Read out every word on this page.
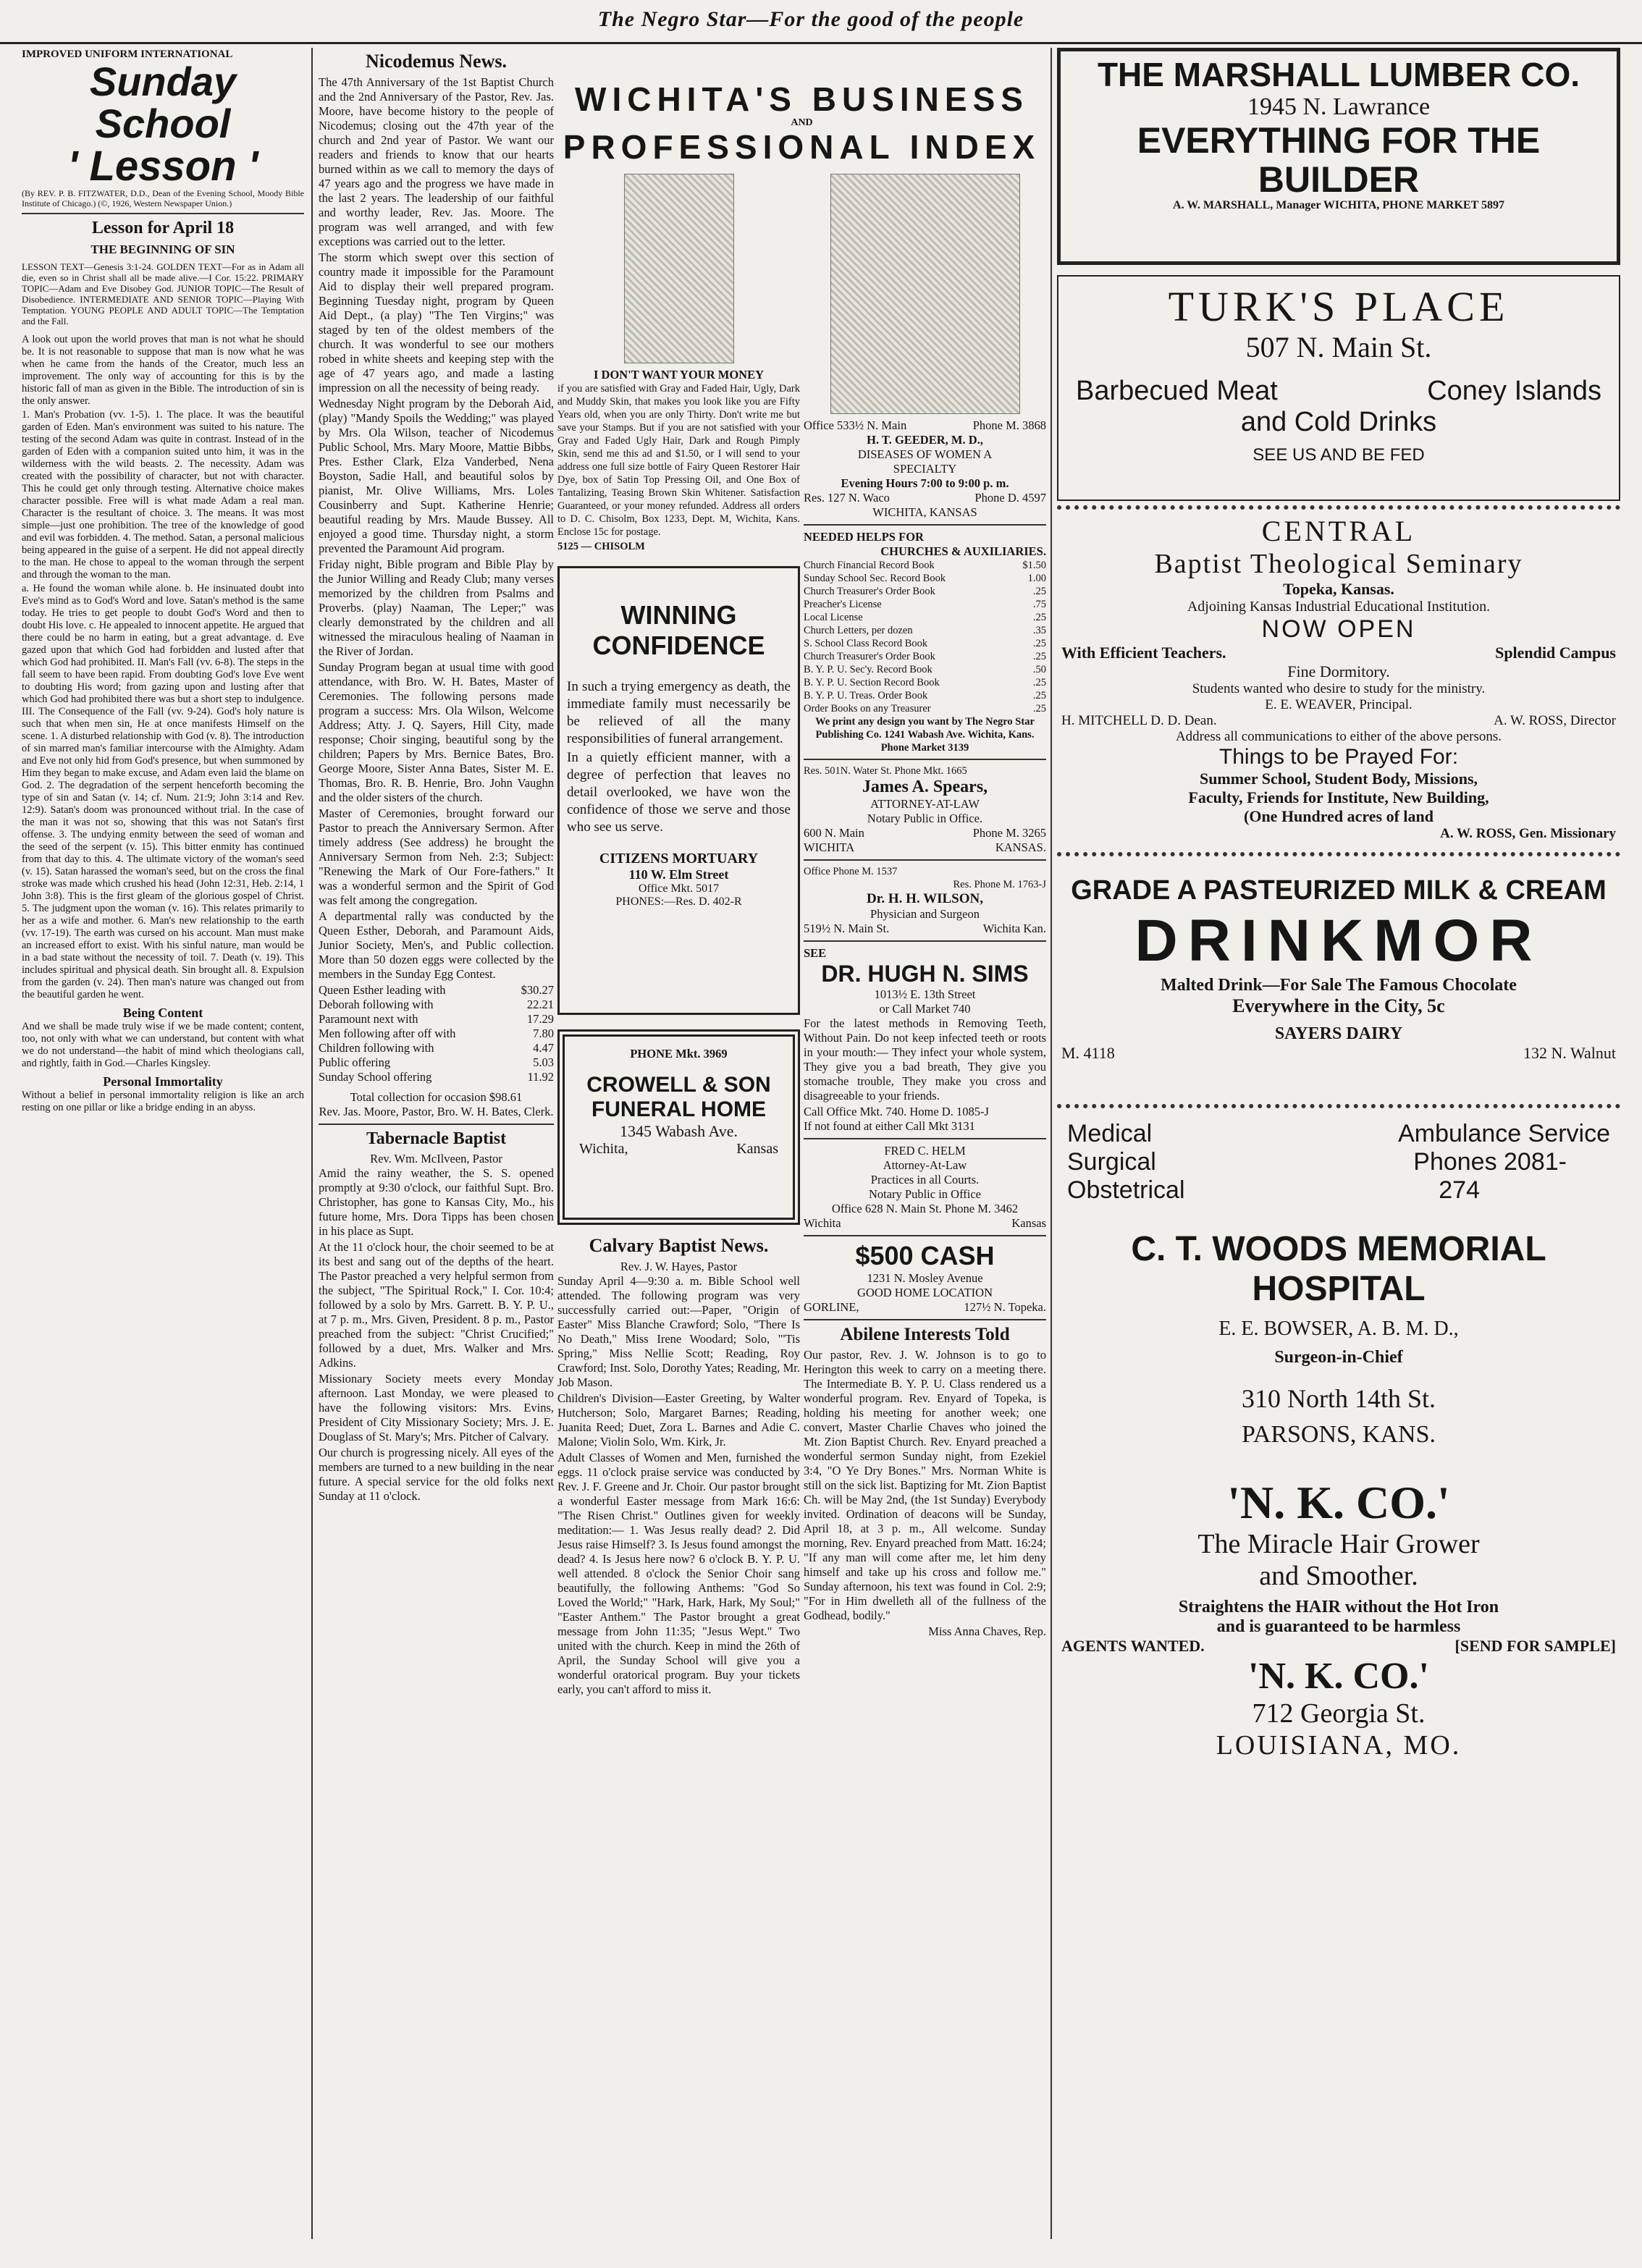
The Negro Star—For the good of the people
IMPROVED UNIFORM INTERNATIONAL
Sunday School
' Lesson '

(By REV. P. B. FITZWATER, D.D., Dean of the Evening School, Moody Bible Institute of Chicago.) (©, 1926, Western Newspaper Union.)

Lesson for April 18
THE BEGINNING OF SIN

LESSON TEXT—Genesis 3:1-24. GOLDEN TEXT—For as in Adam all die, even so in Christ shall all be made alive.—I Cor. 15:22. PRIMARY TOPIC—Adam and Eve Disobey God. JUNIOR TOPIC—The Result of Disobedience. INTERMEDIATE AND SENIOR TOPIC—Playing With Temptation. YOUNG PEOPLE AND ADULT TOPIC—The Temptation and the Fall.

A look out upon the world proves that man is not what he should be. It is not reasonable to suppose that man is now what he was when he came from the hands of the Creator, much less an improvement. The only way of accounting for this is by the historic fall of man as given in the Bible. The introduction of sin is the only answer.

1. Man's Probation (vv. 1-5). 1. The place. It was the beautiful garden of Eden. Man's environment was suited to his nature. The testing of the second Adam was quite in contrast. Instead of in the garden of Eden with a companion suited unto him, it was in the wilderness with the wild beasts. 2. The necessity. Adam was created with the possibility of character, but not with character. This he could get only through testing. Alternative choice makes character possible. Free will is what made Adam a real man. Character is the resultant of choice. 3. The means. It was most simple—just one prohibition. The tree of the knowledge of good and evil was forbidden. 4. The method. Satan, a personal malicious being appeared in the guise of a serpent. He did not appeal directly to the man. He chose to appeal to the woman through the serpent and through the woman to the man.

a. He found the woman while alone. b. He insinuated doubt into Eve's mind as to God's Word and love. Satan's method is the same today. He tries to get people to doubt God's Word and then to doubt His love. c. He appealed to innocent appetite. He argued that there could be no harm in eating, but a great advantage. d. Eve gazed upon that which God had forbidden and lusted after that which God had prohibited. II. Man's Fall (vv. 6-8). The steps in the fall seem to have been rapid. From doubting God's love Eve went to doubting His word; from gazing upon and lusting after that which God had prohibited there was but a short step to indulgence. III. The Consequence of the Fall (vv. 9-24). God's holy nature is such that when men sin, He at once manifests Himself on the scene. 1. A disturbed relationship with God (v. 8). The introduction of sin marred man's familiar intercourse with the Almighty. Adam and Eve not only hid from God's presence, but when summoned by Him they began to make excuse, and Adam even laid the blame on God. 2. The degradation of the serpent henceforth becoming the type of sin and Satan (v. 14; cf. Num. 21:9; John 3:14 and Rev. 12:9). Satan's doom was pronounced without trial. In the case of the man it was not so, showing that this was not Satan's first offense. 3. The undying enmity between the seed of woman and the seed of the serpent (v. 15). This bitter enmity has continued from that day to this. 4. The ultimate victory of the woman's seed (v. 15). Satan harassed the woman's seed, but on the cross the final stroke was made which crushed his head (John 12:31, Heb. 2:14, 1 John 3:8). This is the first gleam of the glorious gospel of Christ. 5. The judgment upon the woman (v. 16). This relates primarily to her as a wife and mother. 6. Man's new relationship to the earth (vv. 17-19). The earth was cursed on his account. Man must make an increased effort to exist. With his sinful nature, man would be in a bad state without the necessity of toil. 7. Death (v. 19). This includes spiritual and physical death. Sin brought all. 8. Expulsion from the garden (v. 24). Then man's nature was changed out from the beautiful garden he went.

Being Content

And we shall be made truly wise if we be made content; content, too, not only with what we can understand, but content with what we do not understand—the habit of mind which theologians call, and rightly, faith in God.—Charles Kingsley.

Personal Immortality

Without a belief in personal immortality religion is like an arch resting on one pillar or like a bridge ending in an abyss.

Nicodemus News.

The 47th Anniversary of the 1st Baptist Church and the 2nd Anniversary of the Pastor, Rev. Jas. Moore, have become history to the people of Nicodemus; closing out the 47th year of the church and 2nd year of Pastor. We want our readers and friends to know that our hearts burned within as we call to memory the days of 47 years ago and the progress we have made in the last 2 years. The leadership of our faithful and worthy leader, Rev. Jas. Moore. The program was well arranged, and with few exceptions was carried out to the letter.

The storm which swept over this section of country made it impossible for the Paramount Aid to display their well prepared program. Beginning Tuesday night, program by Queen Aid Dept., (a play) "The Ten Virgins;" was staged by ten of the oldest members of the church. It was wonderful to see our mothers robed in white sheets and keeping step with the age of 47 years ago, and made a lasting impression on all the necessity of being ready.

Wednesday Night program by the Deborah Aid, (play) "Mandy Spoils the Wedding;" was played by Mrs. Ola Wilson, teacher of Nicodemus Public School, Mrs. Mary Moore, Mattie Bibbs, Pres. Esther Clark, Elza Vanderbed, Nena Boyston, Sadie Hall, and beautiful solos by pianist, Mr. Olive Williams, Mrs. Loles Cousinberry and Supt. Katherine Henrie; beautiful reading by Mrs. Maude Bussey. All enjoyed a good time. Thursday night, a storm prevented the Paramount Aid program.

Friday night, Bible program and Bible Play by the Junior Willing and Ready Club; many verses memorized by the children from Psalms and Proverbs. (play) Naaman, The Leper;" was clearly demonstrated by the children and all witnessed the miraculous healing of Naaman in the River of Jordan.

Sunday Program began at usual time with good attendance, with Bro. W. H. Bates, Master of Ceremonies. The following persons made program a success: Mrs. Ola Wilson, Welcome Address; Atty. J. Q. Sayers, Hill City, made response; Choir singing, beautiful song by the children; Papers by Mrs. Bernice Bates, Bro. George Moore, Sister Anna Bates, Sister M. E. Thomas, Bro. R. B. Henrie, Bro. John Vaughn and the older sisters of the church.

Master of Ceremonies, brought forward our Pastor to preach the Anniversary Sermon. After timely address (See address) he brought the Anniversary Sermon from Neh. 2:3; Subject: "Renewing the Mark of Our Fore-fathers." It was a wonderful sermon and the Spirit of God was felt among the congregation.

A departmental rally was conducted by the Queen Esther, Deborah, and Paramount Aids, Junior Society, Men's, and Public collection. More than 50 dozen eggs were collected by the members in the Sunday Egg Contest.

Queen Esther leading with	$30.27
Deborah following with	22.21
Paramount next with	17.29
Men following after off with	7.80
Children following with	4.47
Public offering	5.03
Sunday School offering	11.92
Total collection for occasion $98.61
Rev. Jas. Moore, Pastor, Bro. W. H. Bates, Clerk.
Tabernacle Baptist
Rev. Wm. McIlveen, Pastor

Amid the rainy weather, the S. S. opened promptly at 9:30 o'clock, our faithful Supt. Bro. Christopher, has gone to Kansas City, Mo., his future home, Mrs. Dora Tipps has been chosen in his place as Supt.

At the 11 o'clock hour, the choir seemed to be at its best and sang out of the depths of the heart. The Pastor preached a very helpful sermon from the subject, "The Spiritual Rock," I. Cor. 10:4; followed by a solo by Mrs. Garrett. B. Y. P. U., at 7 p. m., Mrs. Given, President. 8 p. m., Pastor preached from the subject: "Christ Crucified;" followed by a duet, Mrs. Walker and Mrs. Adkins.

Missionary Society meets every Monday afternoon. Last Monday, we were pleased to have the following visitors: Mrs. Evins, President of City Missionary Society; Mrs. J. E. Douglass of St. Mary's; Mrs. Pitcher of Calvary.

Our church is progressing nicely. All eyes of the members are turned to a new building in the near future. A special service for the old folks next Sunday at 11 o'clock.

WICHITA'S BUSINESS
AND
PROFESSIONAL INDEX
I DON'T WANT YOUR MONEY

if you are satisfied with Gray and Faded Hair, Ugly, Dark and Muddy Skin, that makes you look like you are Fifty Years old, when you are only Thirty. Don't write me but save your Stamps. But if you are not satisfied with your Gray and Faded Ugly Hair, Dark and Rough Pimply Skin, send me this ad and $1.50, or I will send to your address one full size bottle of Fairy Queen Restorer Hair Dye, box of Satin Top Pressing Oil, and One Box of Tantalizing, Teasing Brown Skin Whitener. Satisfaction Guaranteed, or your money refunded. Address all orders to D. C. Chisolm, Box 1233, Dept. M, Wichita, Kans. Enclose 15c for postage.

5125 — CHISOLM
WINNING
CONFIDENCE

In such a trying emergency as death, the immediate family must necessarily be be relieved of all the many responsibilities of funeral arrangement.

In a quietly efficient manner, with a degree of perfection that leaves no detail overlooked, we have won the confidence of those we serve and those who see us serve.

CITIZENS MORTUARY
110 W. Elm Street
Office Mkt. 5017
PHONES:—Res. D. 402-R
PHONE Mkt. 3969
CROWELL & SON
FUNERAL HOME
1345 Wabash Ave.
Wichita,	Kansas
Calvary Baptist News.
Rev. J. W. Hayes, Pastor

Sunday April 4—9:30 a. m. Bible School well attended. The following program was very successfully carried out:—Paper, "Origin of Easter" Miss Blanche Crawford; Solo, "There Is No Death," Miss Irene Woodard; Solo, "'Tis Spring," Miss Nellie Scott; Reading, Roy Crawford; Inst. Solo, Dorothy Yates; Reading, Mr. Job Mason.

Children's Division—Easter Greeting, by Walter Hutcherson; Solo, Margaret Barnes; Reading, Juanita Reed; Duet, Zora L. Barnes and Adie C. Malone; Violin Solo, Wm. Kirk, Jr.

Adult Classes of Women and Men, furnished the eggs. 11 o'clock praise service was conducted by Rev. J. F. Greene and Jr. Choir. Our pastor brought a wonderful Easter message from Mark 16:6: "The Risen Christ." Outlines given for weekly meditation:— 1. Was Jesus really dead? 2. Did Jesus raise Himself? 3. Is Jesus found amongst the dead? 4. Is Jesus here now? 6 o'clock B. Y. P. U. well attended. 8 o'clock the Senior Choir sang beautifully, the following Anthems: "God So Loved the World;" "Hark, Hark, Hark, My Soul;" "Easter Anthem." The Pastor brought a great message from John 11:35; "Jesus Wept." Two united with the church. Keep in mind the 26th of April, the Sunday School will give you a wonderful oratorical program. Buy your tickets early, you can't afford to miss it.

Office 533½ N. Main	Phone M. 3868
H. T. GEEDER, M. D.,
DISEASES OF WOMEN A
SPECIALTY
Evening Hours 7:00 to 9:00 p. m.
Res. 127 N. Waco	Phone D. 4597
WICHITA, KANSAS
NEEDED HELPS FOR
CHURCHES & AUXILIARIES.
Church Financial Record Book	$1.50
Sunday School Sec. Record Book	1.00
Church Treasurer's Order Book	.25
Preacher's License	.75
Local License	.25
Church Letters, per dozen	.35
S. School Class Record Book	.25
Church Treasurer's Order Book	.25
B. Y. P. U. Sec'y. Record Book	.50
B. Y. P. U. Section Record Book	.25
B. Y. P. U. Treas. Order Book	.25
Order Books on any Treasurer	.25

We print any design you want by The Negro Star Publishing Co. 1241 Wabash Ave. Wichita, Kans. Phone Market 3139

Res. 501N. Water St. Phone Mkt. 1665
James A. Spears,
ATTORNEY-AT-LAW
Notary Public in Office.
600 N. Main	Phone M. 3265
WICHITA	KANSAS.
Office Phone M. 1537
Res. Phone M. 1763-J
Dr. H. H. WILSON,
Physician and Surgeon
519½ N. Main St.	Wichita Kan.
SEE
DR. HUGH N. SIMS
1013½ E. 13th Street
or Call Market 740

For the latest methods in Removing Teeth, Without Pain. Do not keep infected teeth or roots in your mouth:— They infect your whole system, They give you a bad breath, They give you stomache trouble, They make you cross and disagreeable to your friends.

Call Office Mkt. 740. Home D. 1085-J
If not found at either Call Mkt 3131
FRED C. HELM
Attorney-At-Law
Practices in all Courts.
Notary Public in Office
Office 628 N. Main St. Phone M. 3462
Wichita	Kansas
$500 CASH
1231 N. Mosley Avenue
GOOD HOME LOCATION
GORLINE,	127½ N. Topeka.
Abilene Interests Told

Our pastor, Rev. J. W. Johnson is to go to Herington this week to carry on a meeting there. The Intermediate B. Y. P. U. Class rendered us a wonderful program. Rev. Enyard of Topeka, is holding his meeting for another week; one convert, Master Charlie Chaves who joined the Mt. Zion Baptist Church. Rev. Enyard preached a wonderful sermon Sunday night, from Ezekiel 3:4, "O Ye Dry Bones." Mrs. Norman White is still on the sick list. Baptizing for Mt. Zion Baptist Ch. will be May 2nd, (the 1st Sunday) Everybody invited. Ordination of deacons will be Sunday, April 18, at 3 p. m., All welcome. Sunday morning, Rev. Enyard preached from Matt. 16:24; "If any man will come after me, let him deny himself and take up his cross and follow me." Sunday afternoon, his text was found in Col. 2:9; "For in Him dwelleth all of the fullness of the Godhead, bodily."

Miss Anna Chaves, Rep.
THE MARSHALL LUMBER CO.
1945 N. Lawrance
EVERYTHING FOR THE
BUILDER
A. W. MARSHALL, Manager WICHITA, PHONE MARKET 5897
TURK'S PLACE
507 N. Main St.
Barbecued Meat	Coney Islands
and Cold Drinks
SEE US AND BE FED
CENTRAL
Baptist Theological Seminary
Topeka, Kansas.
Adjoining Kansas Industrial Educational Institution.
NOW OPEN
With Efficient Teachers.	Splendid Campus
Fine Dormitory.
Students wanted who desire to study for the ministry.
E. E. WEAVER, Principal.
H. MITCHELL D. D. Dean.	A. W. ROSS, Director
Address all communications to either of the above persons.
Things to be Prayed For:
Summer School, Student Body, Missions,
Faculty, Friends for Institute, New Building,
(One Hundred acres of land
A. W. ROSS, Gen. Missionary
GRADE A PASTEURIZED MILK & CREAM
DRINKMOR
Malted Drink—For Sale The Famous Chocolate
Everywhere in the City, 5c
SAYERS DAIRY
M. 4118	132 N. Walnut
Medical	Ambulance Service
Surgical	Phones 2081-
Obstetrical	274
C. T. WOODS MEMORIAL HOSPITAL
E. E. BOWSER, A. B. M. D.,
Surgeon-in-Chief
310 North 14th St.
PARSONS, KANS.
'N. K. CO.'
The Miracle Hair Grower
and Smoother.
Straightens the HAIR without the Hot Iron
and is guaranteed to be harmless
AGENTS WANTED.	[SEND FOR SAMPLE]
'N. K. CO.'
712 Georgia St.
LOUISIANA, MO.
